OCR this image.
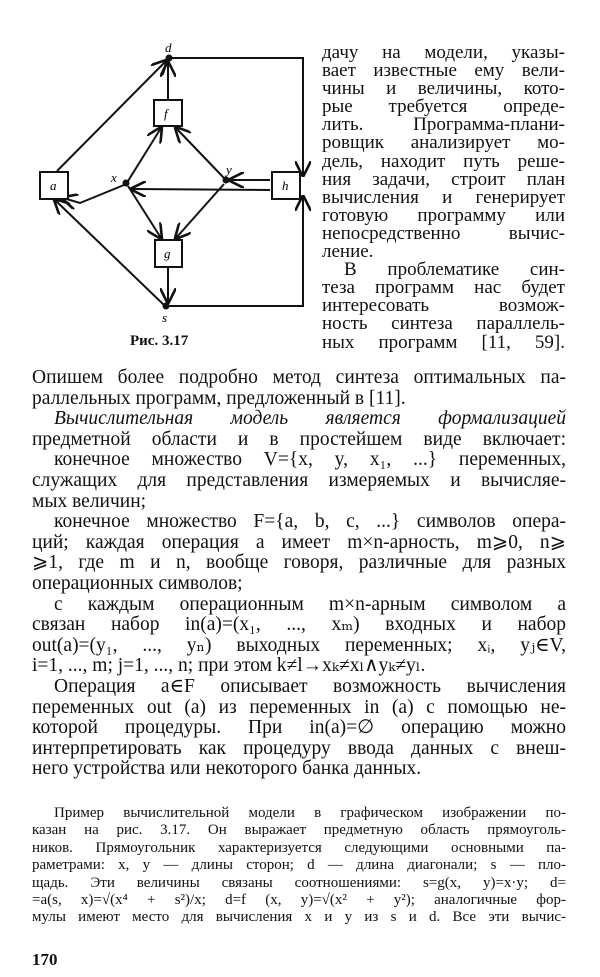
a
f
g
h
d
s
x
y
Рис. 3.17
дачу на модели, указы-
вает известные ему вели-
чины и величины, кото-
рые требуется опреде-
лить. Программа-плани-
ровщик анализирует мо-
дель, находит путь реше-
ния задачи, строит план
вычисления и генерирует
готовую программу или
непосредственно вычис-
ление.
В проблематике син-
теза программ нас будет
интересовать возмож-
ность синтеза параллель-
ных программ [11, 59].
Опишем более подробно метод синтеза оптимальных па-
раллельных программ, предложенный в [11].
Вычислительная модель является формализацией
предметной области и в простейшем виде включает:
конечное множество V={x, y, x₁, ...} переменных,
служащих для представления измеряемых и вычисляе-
мых величин;
конечное множество F={a, b, c, ...} символов опера-
ций; каждая операция a имеет m×n-арность, m⩾0, n⩾
⩾1, где m и n, вообще говоря, различные для разных
операционных символов;
с каждым операционным m×n-арным символом a
связан набор in(a)=(x₁, ..., xₘ) входных и набор
out(a)=(y₁, ..., yₙ) выходных переменных; xᵢ, yⱼ∈V,
i=1, ..., m; j=1, ..., n; при этом k≠l→xₖ≠xₗ∧yₖ≠yₗ.
Операция a∈F описывает возможность вычисления
переменных out (a) из переменных in (a) с помощью не-
которой процедуры. При in(a)=∅ операцию можно
интерпретировать как процедуру ввода данных с внеш-
него устройства или некоторого банка данных.
Пример вычислительной модели в графическом изображении по-
казан на рис. 3.17. Он выражает предметную область прямоуголь-
ников. Прямоугольник характеризуется следующими основными па-
раметрами: x, y — длины сторон; d — длина диагонали; s — пло-
щадь. Эти величины связаны соотношениями: s=g(x, y)=x·y; d=
=a(s, x)=√(x⁴ + s²)/x; d=f (x, y)=√(x² + y²); аналогичные фор-
мулы имеют место для вычисления x и y из s и d. Все эти вычис-
170
